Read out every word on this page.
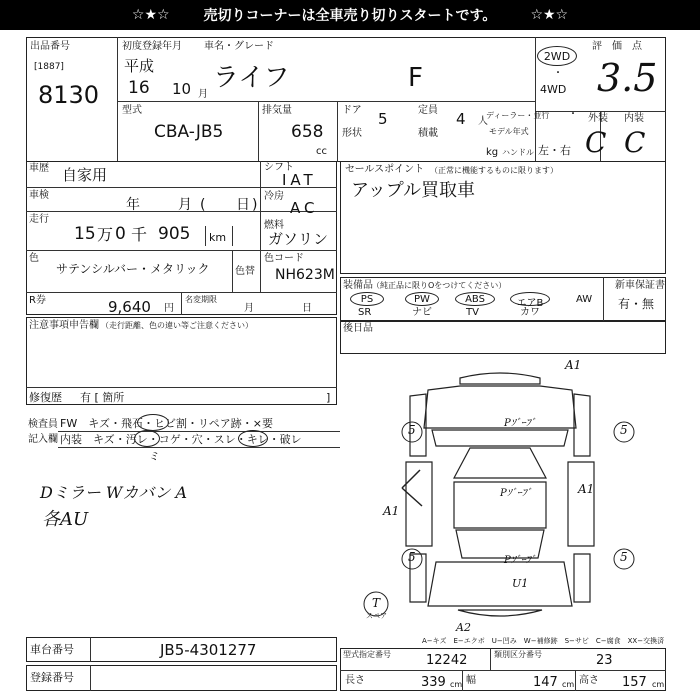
☆★☆ 売切りコーナーは全車売り切りスタートです。 ☆★☆
出品番号
[1887]
8130
初度登録年月 車名・グレード
平成
16 10 月
ライフ	F
2WD
・
4WD
評　価　点
3.5
外装 内装
C C
型式
CBA-JB5
排気量
658
cc
ドア 5	定員 4 人
ディーラー・並行 ・
形状	積載	モデル年式
kg ハンドル 左・右
車歴 自家用
車検
年	月 ( 日 )
走行
15 万 0 千 905 km
色
サテンシルバー・メタリック	色替
R券	9,640 円
名変期限
月	日
シフト
IAT
冷房
AC
燃料
ガソリン
色コード
NH623M
セールスポイント （正常に機能するものに限ります）
アップル買取車
装備品 （純正品に限りOをつけてください）
PS	PW	ABS	エアB	AW
SR	ナビ	TV	カワ
新車保証書
有・無
後日品
注意事項申告欄 （走行距離、色の違い等ご注意ください）
修復歴 有 [ 箇所	]
検査員
記入欄
FW　キズ・飛石・ヒビ割・リペア跡・×要
内装　キズ・汚レ・コゲ・穴・スレ・キレ・破レ
ミ
Dミラー Wカバン A
各AU
5	5
5	5
T
スペア
A1
A1
A1
A2
Pｿﾞｰﾌﾞ
Pｿﾞｰﾌﾞ
Pｿﾞｰﾌﾞ
U1
A−キズ　E−エクボ　U−凹み　W−補修跡　S−サビ　C−腐食　XX−交換済
車台番号	JB5-4301277
登録番号
型式指定番号	12242	類別区分番号	23
長さ	339 cm 幅	147 cm 高さ 157 cm
